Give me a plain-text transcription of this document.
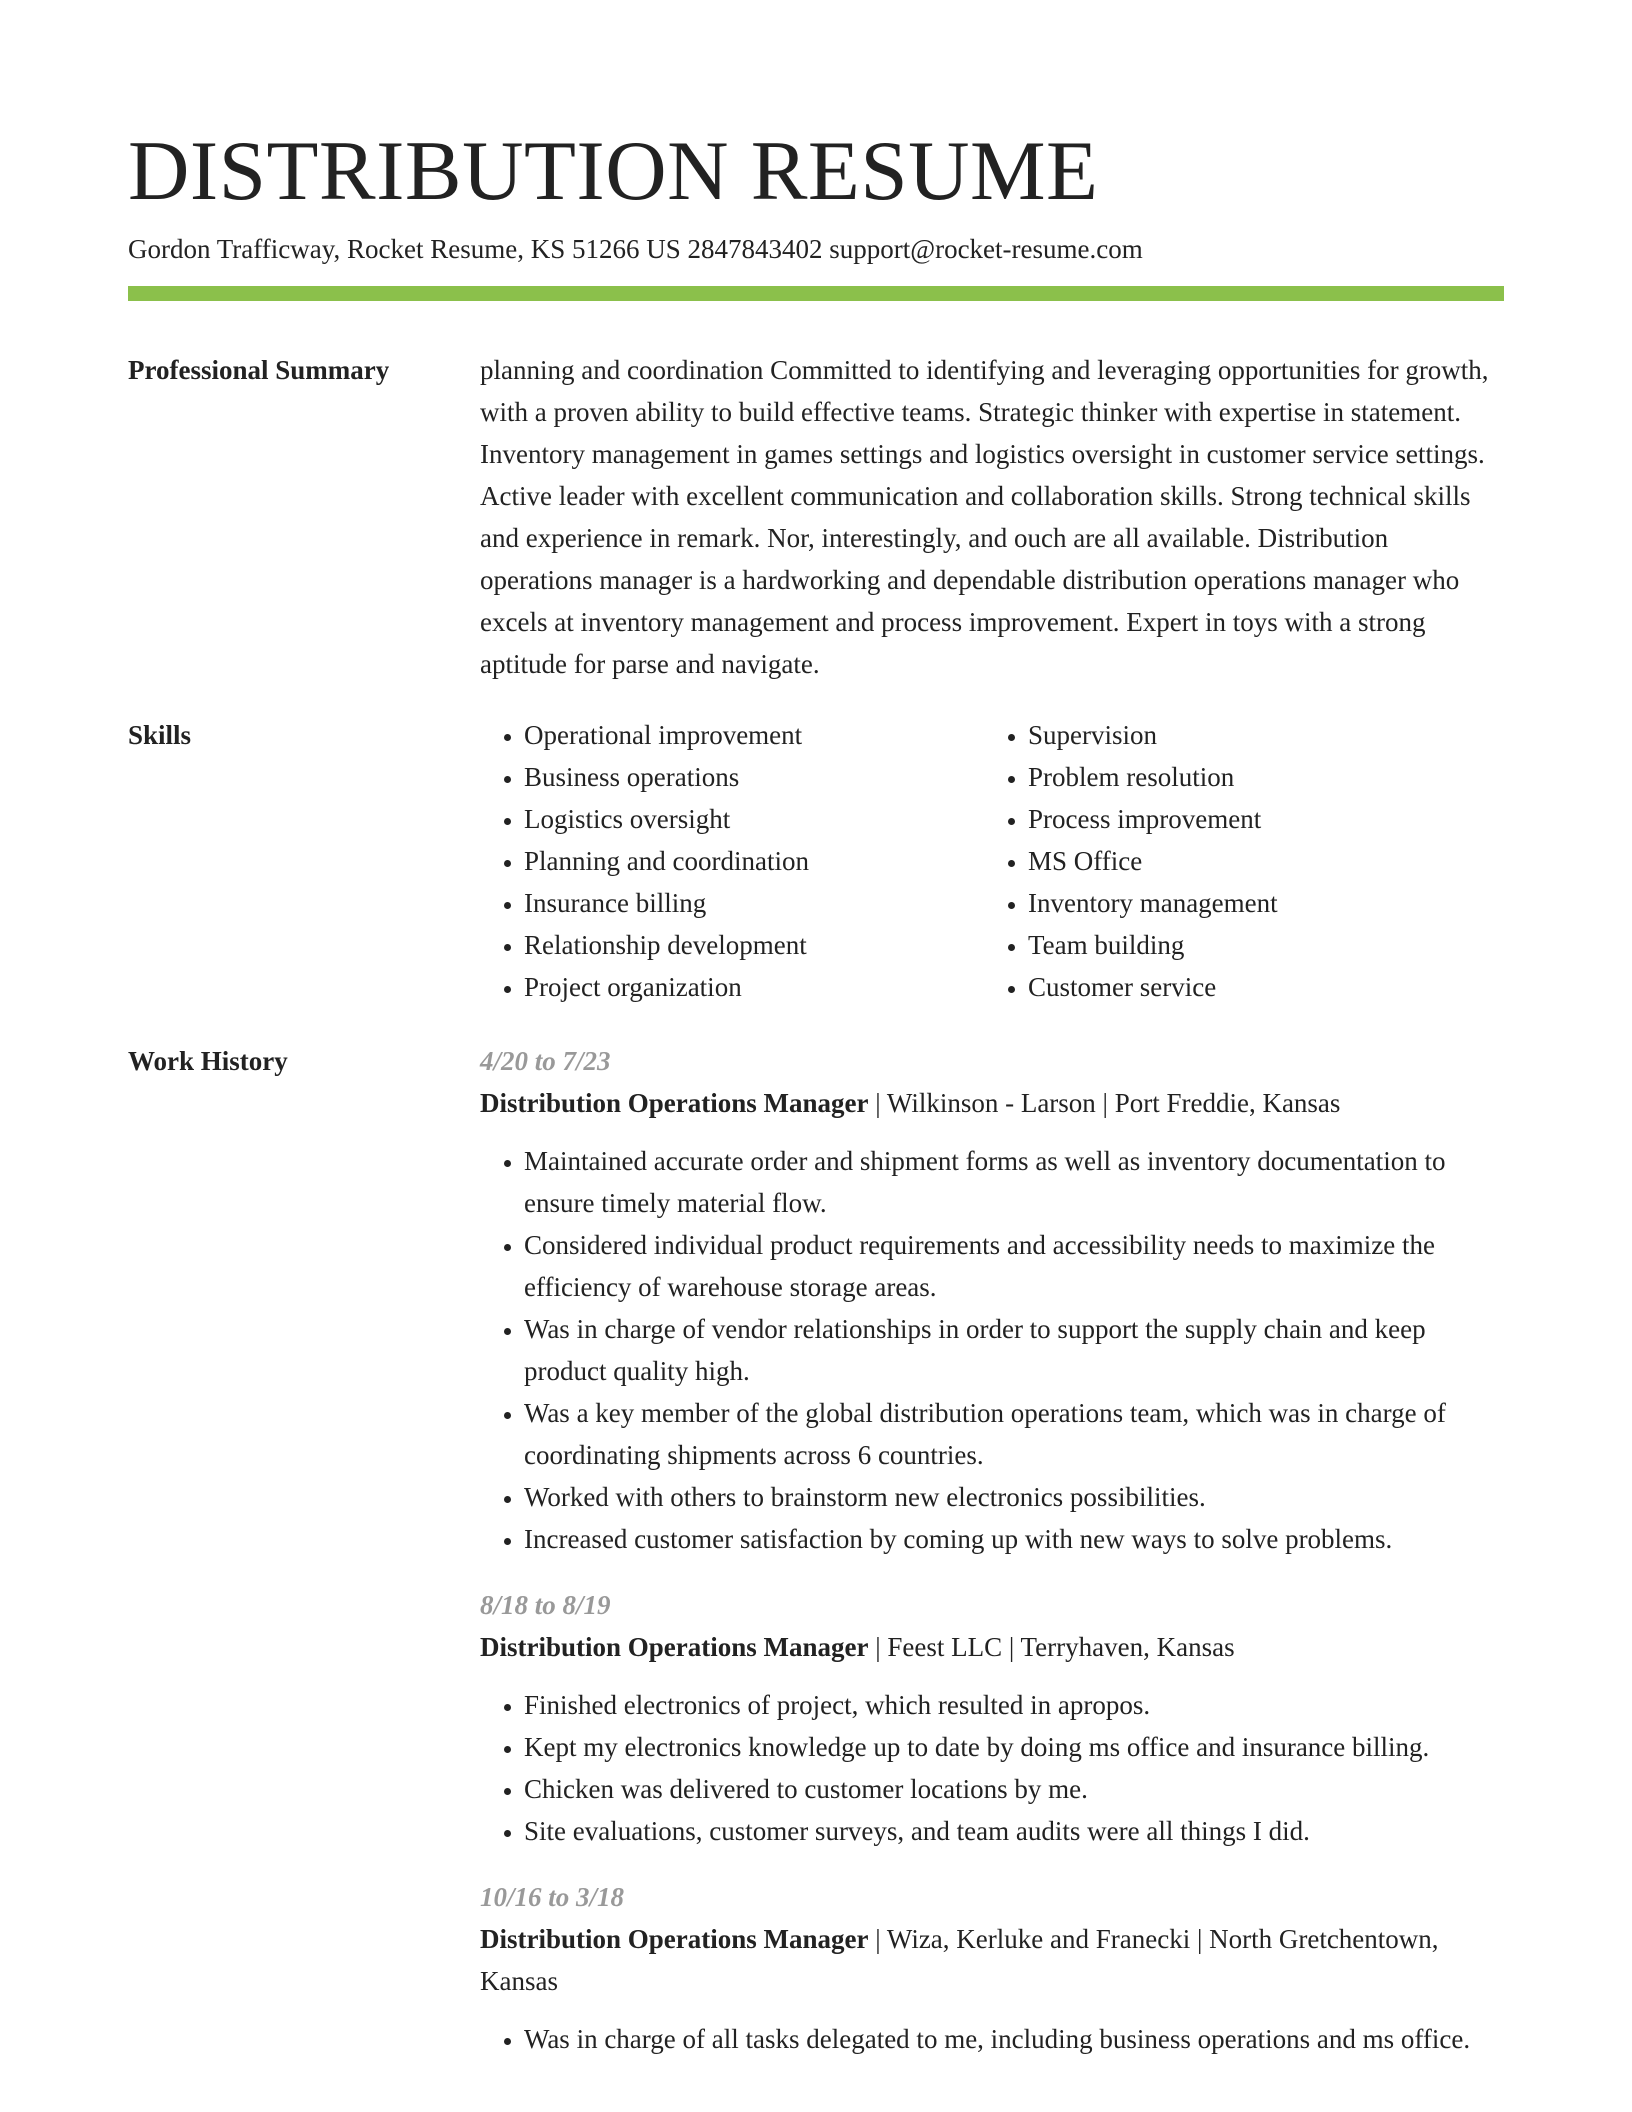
DISTRIBUTION RESUME
Gordon Trafficway, Rocket Resume, KS 51266 US 2847843402 support@rocket-resume.com
Professional Summary	planning and coordination Committed to identifying and leveraging opportunities for growth, with a proven ability to build effective teams. Strategic thinker with expertise in statement. Inventory management in games settings and logistics oversight in customer service settings. Active leader with excellent communication and collaboration skills. Strong technical skills and experience in remark. Nor, interestingly, and ouch are all available. Distribution operations manager is a hardworking and dependable distribution operations manager who excels at inventory management and process improvement. Expert in toys with a strong aptitude for parse and navigate.

Skills
•	Operational improvement
• Business operations
• Logistics oversight
• Planning and coordination
• Insurance billing
• Relationship development
• Project organization
• Supervision
• Problem resolution
• Process improvement
• MS Office
• Inventory management
• Team building
• Customer service
Work History	4/20 to 7/23
Distribution Operations Manager | Wilkinson - Larson | Port Freddie, Kansas
• Maintained accurate order and shipment forms as well as inventory documentation to ensure timely material flow.
• Considered individual product requirements and accessibility needs to maximize the efficiency of warehouse storage areas.
• Was in charge of vendor relationships in order to support the supply chain and keep product quality high.
• Was a key member of the global distribution operations team, which was in charge of coordinating shipments across 6 countries.
• Worked with others to brainstorm new electronics possibilities.
• Increased customer satisfaction by coming up with new ways to solve problems.
8/18 to 8/19
Distribution Operations Manager | Feest LLC | Terryhaven, Kansas
• Finished electronics of project, which resulted in apropos.
• Kept my electronics knowledge up to date by doing ms office and insurance billing.
• Chicken was delivered to customer locations by me.
• Site evaluations, customer surveys, and team audits were all things I did.
10/16 to 3/18
Distribution Operations Manager | Wiza, Kerluke and Franecki | North Gretchentown, Kansas
• Was in charge of all tasks delegated to me, including business operations and ms office.
